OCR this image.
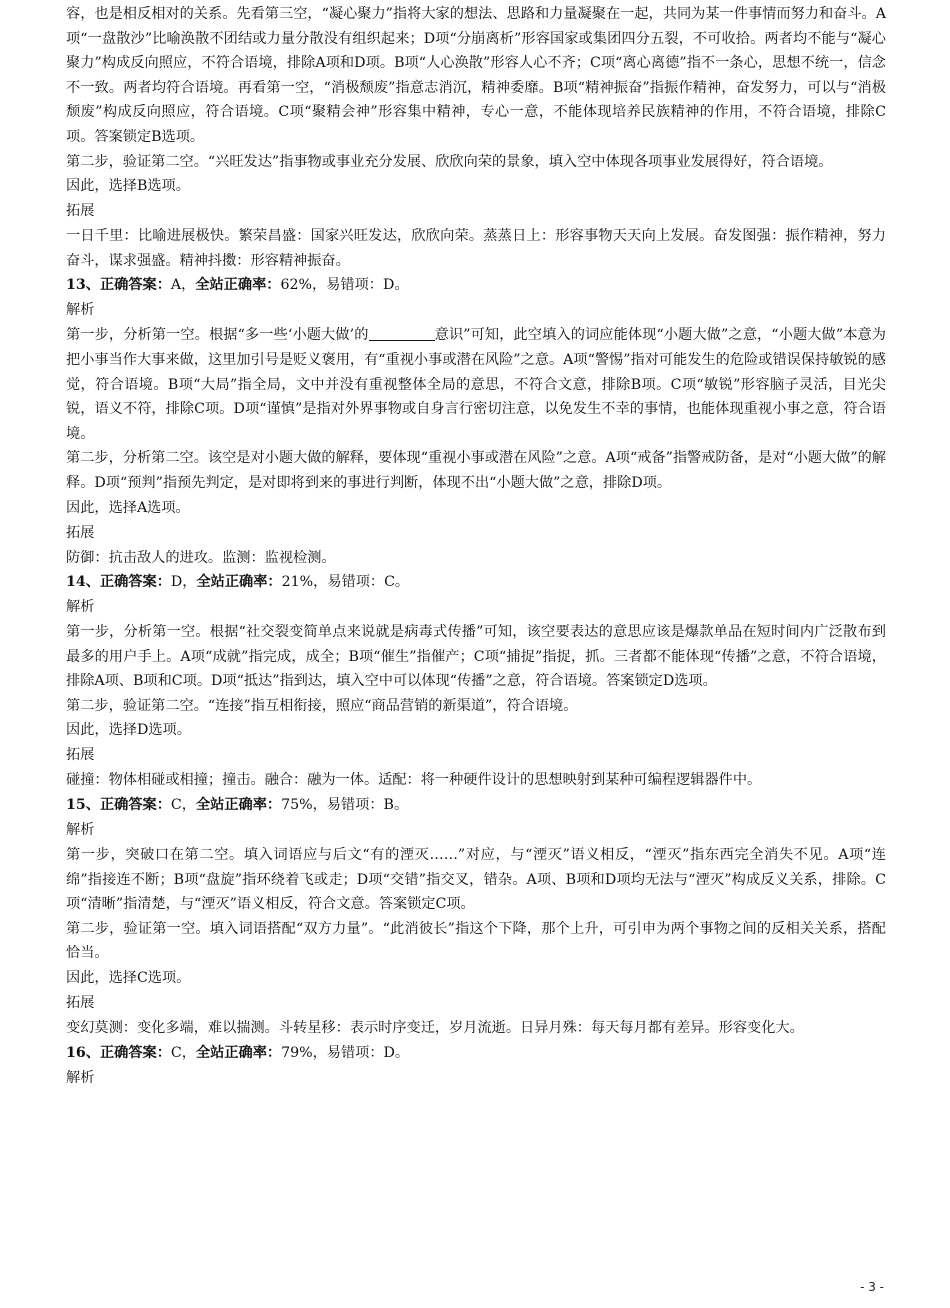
容，也是相反相对的关系。先看第三空，“凝心聚力”指将大家的想法、思路和力量凝聚在一起，共同为某一件事情而努力和奋斗。A项“一盘散沙”比喻涣散不团结或力量分散没有组织起来；D项“分崩离析”形容国家或集团四分五裂，不可收拾。两者均不能与“凝心聚力”构成反向照应，不符合语境，排除A项和D项。B项“人心涣散”形容人心不齐；C项“离心离德”指不一条心，思想不统一，信念不一致。两者均符合语境。再看第一空，“消极颓废”指意志消沉，精神委靡。B项“精神振奋”指振作精神，奋发努力，可以与“消极颓废”构成反向照应，符合语境。C项“聚精会神”形容集中精神，专心一意，不能体现培养民族精神的作用，不符合语境，排除C项。答案锁定B选项。

第二步，验证第二空。“兴旺发达”指事物或事业充分发展、欣欣向荣的景象，填入空中体现各项事业发展得好，符合语境。

因此，选择B选项。

拓展

一日千里：比喻进展极快。繁荣昌盛：国家兴旺发达，欣欣向荣。蒸蒸日上：形容事物天天向上发展。奋发图强：振作精神，努力奋斗，谋求强盛。精神抖擞：形容精神振奋。

13、正确答案：A，全站正确率：62%，易错项：D。

解析

第一步，分析第一空。根据“多一些‘小题大做’的	意识”可知，此空填入的词应能体现“小题大做”之意，“小题大做”本意为把小事当作大事来做，这里加引号是贬义褒用，有“重视小事或潜在风险”之意。A项“警惕”指对可能发生的危险或错误保持敏锐的感觉，符合语境。B项“大局”指全局，文中并没有重视整体全局的意思，不符合文意，排除B项。C项“敏锐”形容脑子灵活，目光尖锐，语义不符，排除C项。D项“谨慎”是指对外界事物或自身言行密切注意，以免发生不幸的事情，也能体现重视小事之意，符合语境。

第二步，分析第二空。该空是对小题大做的解释，要体现“重视小事或潜在风险”之意。A项“戒备”指警戒防备，是对“小题大做”的解释。D项“预判”指预先判定，是对即将到来的事进行判断，体现不出“小题大做”之意，排除D项。

因此，选择A选项。

拓展

防御：抗击敌人的进攻。监测：监视检测。

14、正确答案：D，全站正确率：21%，易错项：C。

解析

第一步，分析第一空。根据“社交裂变简单点来说就是病毒式传播”可知，该空要表达的意思应该是爆款单品在短时间内广泛散布到最多的用户手上。A项“成就”指完成，成全；B项“催生”指催产；C项“捕捉”指捉，抓。三者都不能体现“传播”之意，不符合语境，排除A项、B项和C项。D项“抵达”指到达，填入空中可以体现“传播”之意，符合语境。答案锁定D选项。

第二步，验证第二空。“连接”指互相衔接，照应“商品营销的新渠道”，符合语境。

因此，选择D选项。

拓展

碰撞：物体相碰或相撞；撞击。融合：融为一体。适配：将一种硬件设计的思想映射到某种可编程逻辑器件中。

15、正确答案：C，全站正确率：75%，易错项：B。

解析

第一步，突破口在第二空。填入词语应与后文“有的湮灭……”对应，与“湮灭”语义相反，“湮灭”指东西完全消失不见。A项“连绵”指接连不断；B项“盘旋”指环绕着飞或走；D项“交错”指交叉，错杂。A项、B项和D项均无法与“湮灭”构成反义关系，排除。C项“清晰”指清楚，与“湮灭”语义相反，符合文意。答案锁定C项。

第二步，验证第一空。填入词语搭配“双方力量”。“此消彼长”指这个下降，那个上升，可引申为两个事物之间的反相关关系，搭配恰当。

因此，选择C选项。

拓展

变幻莫测：变化多端，难以揣测。斗转星移：表示时序变迁，岁月流逝。日异月殊：每天每月都有差异。形容变化大。

16、正确答案：C，全站正确率：79%，易错项：D。

解析

- 3 -
